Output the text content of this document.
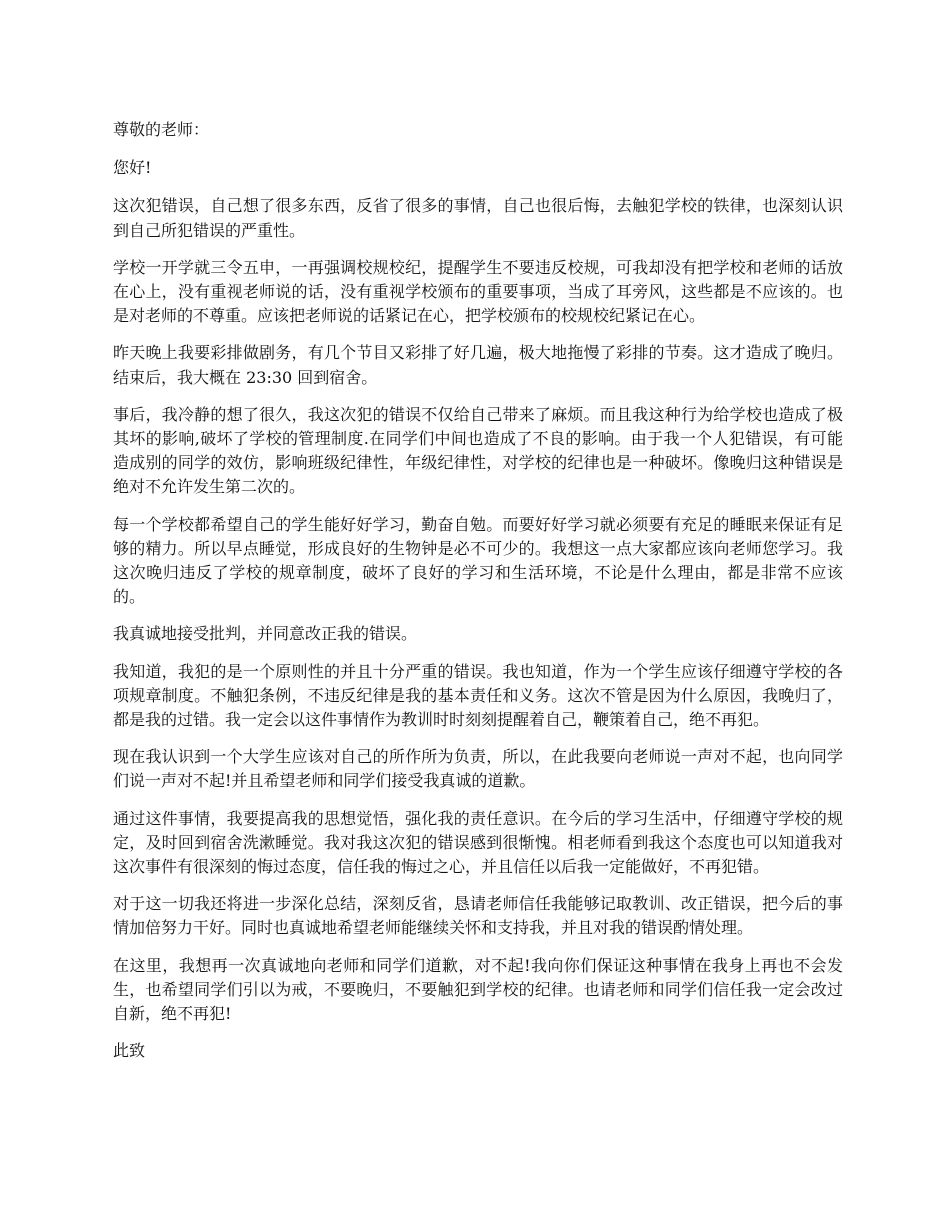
尊敬的老师：

您好!

这次犯错误，自己想了很多东西，反省了很多的事情，自己也很后悔，去触犯学校的铁律，也深刻认识到自己所犯错误的严重性。

学校一开学就三令五申，一再强调校规校纪，提醒学生不要违反校规，可我却没有把学校和老师的话放在心上，没有重视老师说的话，没有重视学校颁布的重要事项，当成了耳旁风，这些都是不应该的。也是对老师的不尊重。应该把老师说的话紧记在心，把学校颁布的校规校纪紧记在心。

昨天晚上我要彩排做剧务，有几个节目又彩排了好几遍，极大地拖慢了彩排的节奏。这才造成了晚归。结束后，我大概在 23:30 回到宿舍。

事后，我冷静的想了很久，我这次犯的错误不仅给自己带来了麻烦。而且我这种行为给学校也造成了极其坏的影响,破坏了学校的管理制度.在同学们中间也造成了不良的影响。由于我一个人犯错误，有可能造成别的同学的效仿，影响班级纪律性，年级纪律性，对学校的纪律也是一种破坏。像晚归这种错误是绝对不允许发生第二次的。

每一个学校都希望自己的学生能好好学习，勤奋自勉。而要好好学习就必须要有充足的睡眠来保证有足够的精力。所以早点睡觉，形成良好的生物钟是必不可少的。我想这一点大家都应该向老师您学习。我这次晚归违反了学校的规章制度，破坏了良好的学习和生活环境，不论是什么理由，都是非常不应该的。

我真诚地接受批判，并同意改正我的错误。

我知道，我犯的是一个原则性的并且十分严重的错误。我也知道，作为一个学生应该仔细遵守学校的各项规章制度。不触犯条例，不违反纪律是我的基本责任和义务。这次不管是因为什么原因，我晚归了，都是我的过错。我一定会以这件事情作为教训时时刻刻提醒着自己，鞭策着自己，绝不再犯。

现在我认识到一个大学生应该对自己的所作所为负责，所以，在此我要向老师说一声对不起，也向同学们说一声对不起!并且希望老师和同学们接受我真诚的道歉。

通过这件事情，我要提高我的思想觉悟，强化我的责任意识。在今后的学习生活中，仔细遵守学校的规定，及时回到宿舍洗漱睡觉。我对我这次犯的错误感到很惭愧。相老师看到我这个态度也可以知道我对这次事件有很深刻的悔过态度，信任我的悔过之心，并且信任以后我一定能做好，不再犯错。

对于这一切我还将进一步深化总结，深刻反省，恳请老师信任我能够记取教训、改正错误，把今后的事情加倍努力干好。同时也真诚地希望老师能继续关怀和支持我，并且对我的错误酌情处理。

在这里，我想再一次真诚地向老师和同学们道歉，对不起!我向你们保证这种事情在我身上再也不会发生，也希望同学们引以为戒，不要晚归，不要触犯到学校的纪律。也请老师和同学们信任我一定会改过自新，绝不再犯!

此致
